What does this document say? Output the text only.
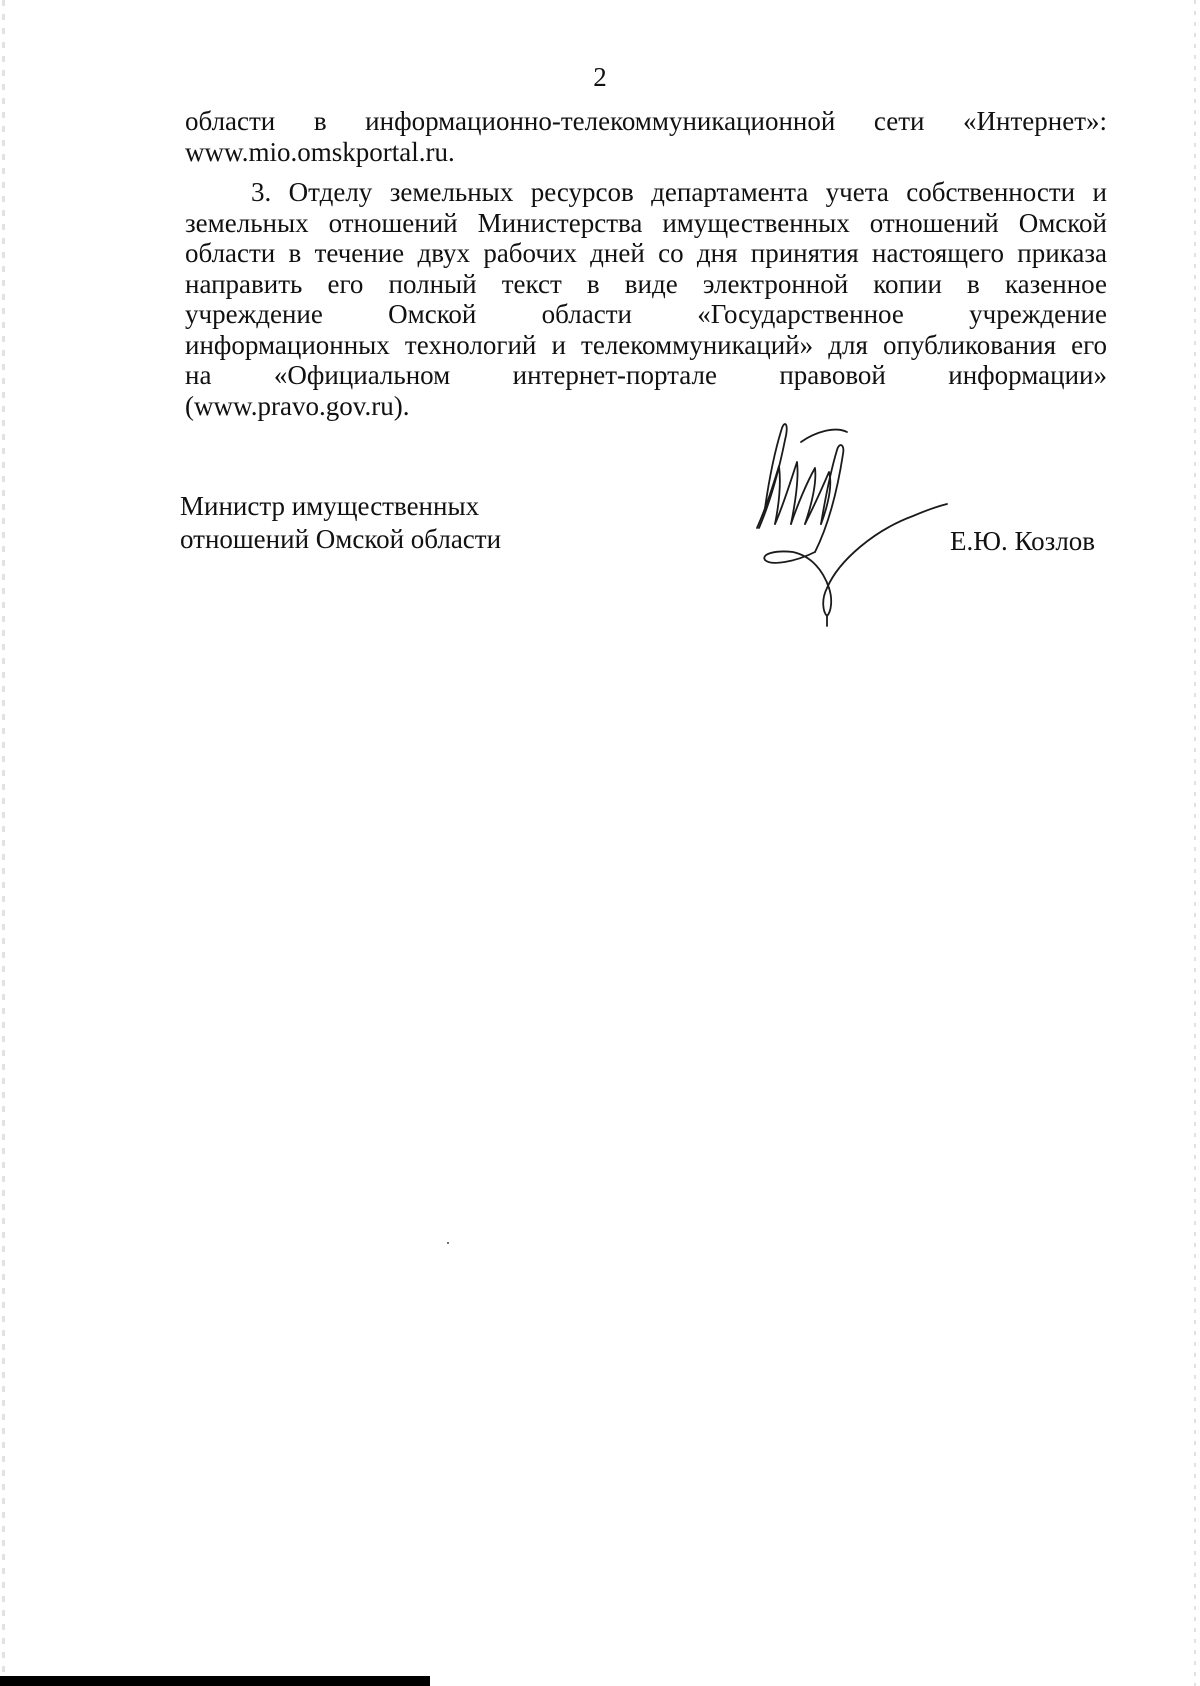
2
области в информационно-телекоммуникационной сети «Интернет»:
www.mio.omskportal.ru.
3. Отделу земельных ресурсов департамента учета собственности и
земельных отношений Министерства имущественных отношений Омской
области в течение двух рабочих дней со дня принятия настоящего приказа
направить его полный текст в виде электронной копии в казенное
учреждение Омской области «Государственное учреждение
информационных технологий и телекоммуникаций» для опубликования его
на «Официальном интернет-портале правовой информации»
(www.pravo.gov.ru).
Министр имущественных
отношений Омской области	Е.Ю. Козлов
